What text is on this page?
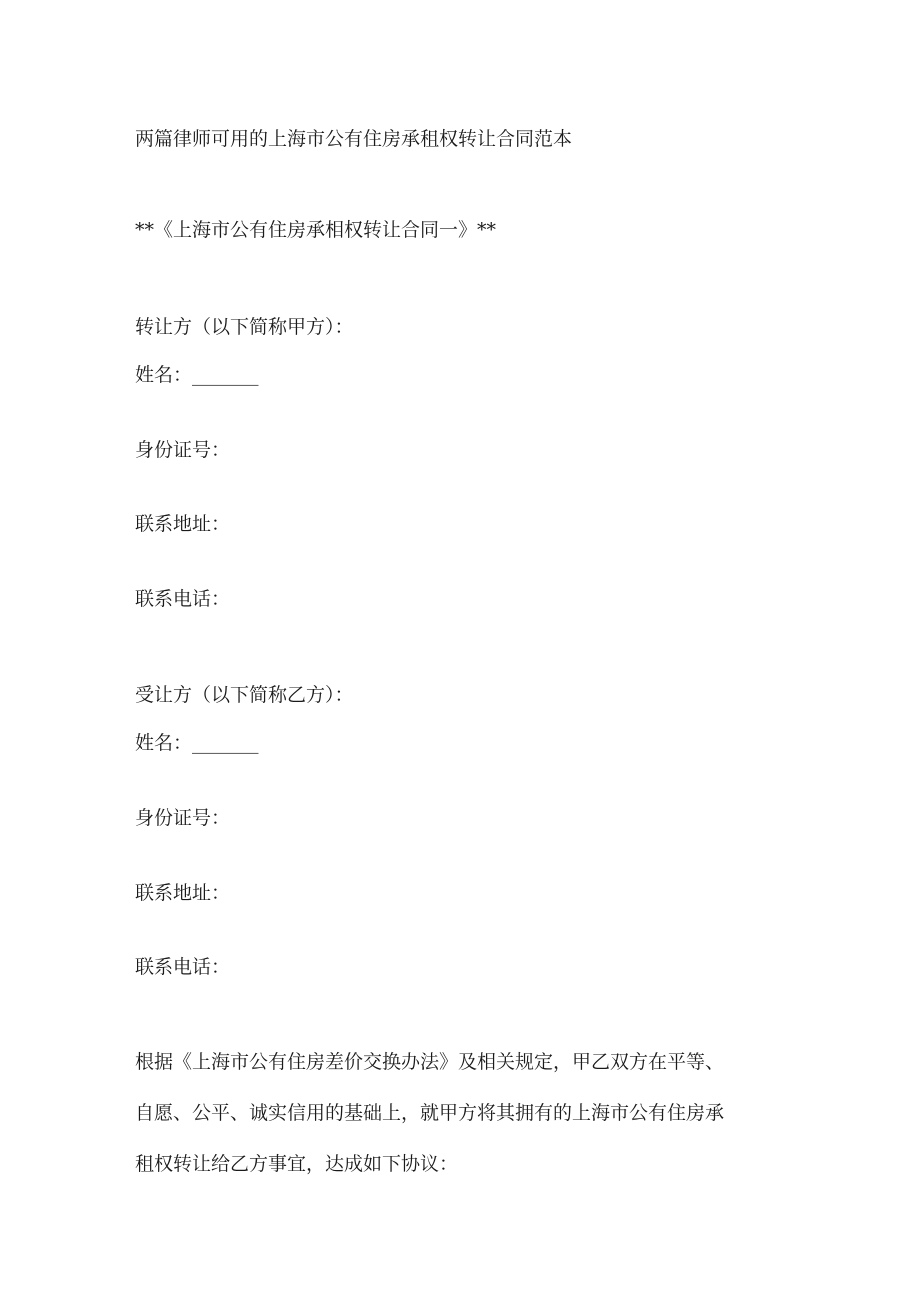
两篇律师可用的上海市公有住房承租权转让合同范本
**《上海市公有住房承相权转让合同一》**
转让方（以下简称甲方）：
姓名：_______
身份证号：
联系地址：
联系电话：
受让方（以下简称乙方）：
姓名：_______
身份证号：
联系地址：
联系电话：
根据《上海市公有住房差价交换办法》及相关规定，甲乙双方在平等、
自愿、公平、诚实信用的基础上，就甲方将其拥有的上海市公有住房承
租权转让给乙方事宜，达成如下协议：
